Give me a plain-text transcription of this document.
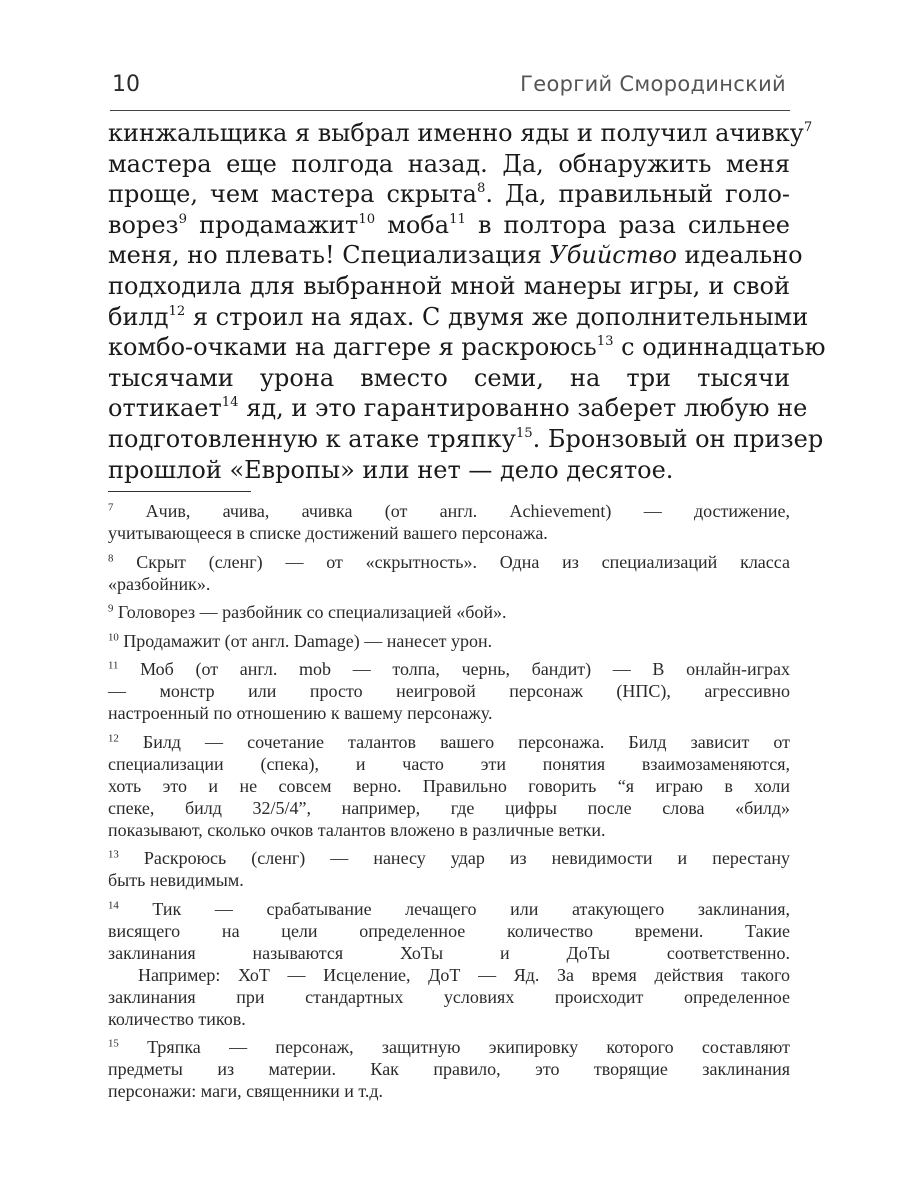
10	Георгий Смородинский
кинжальщика я выбрал именно яды и получил ачивку$^7$
мастера еще полгода назад. Да, обнаружить меня
проще, чем мастера скрыта$^8$. Да, правильный голо-
ворез$^9$ продамажит$^{10}$ моба$^{11}$ в полтора раза сильнее
меня, но плевать! Специализация Убийство идеально
подходила для выбранной мной манеры игры, и свой
билд$^{12}$ я строил на ядах. С двумя же дополнительными
комбо-очками на даггере я раскроюсь$^{13}$ с одиннадцатью
тысячами урона вместо семи, на три тысячи
оттикает$^{14}$ яд, и это гарантированно заберет любую не
подготовленную к атаке тряпку$^{15}$. Бронзовый он призер
прошлой «Европы» или нет — дело десятое.
$^7$ Ачив, ачива, ачивка (от англ. Achievement) — достижение,
учитывающееся в списке достижений вашего персонажа.
$^8$ Скрыт (сленг) — от «скрытность». Одна из специализаций класса
«разбойник».
$^9$ Головорез — разбойник со специализацией «бой».
$^{10}$ Продамажит (от англ. Damage) — нанесет урон.
$^{11}$ Моб (от англ. mob — толпа, чернь, бандит) — В онлайн-играх
— монстр или просто неигровой персонаж (НПС), агрессивно
настроенный по отношению к вашему персонажу.
$^{12}$ Билд — сочетание талантов вашего персонажа. Билд зависит от
специализации (спека), и часто эти понятия взаимозаменяются,
хоть это и не совсем верно. Правильно говорить “я играю в холи
спеке, билд 32/5/4”, например, где цифры после слова «билд»
показывают, сколько очков талантов вложено в различные ветки.
$^{13}$ Раскроюсь (сленг) — нанесу удар из невидимости и перестану
быть невидимым.
$^{14}$ Тик — срабатывание лечащего или атакующего заклинания,
висящего на цели определенное количество времени. Такие
заклинания называются ХоТы и ДоТы соответственно.
Например: ХоТ — Исцеление, ДоТ — Яд. За время действия такого
заклинания при стандартных условиях происходит определенное
количество тиков.
$^{15}$ Тряпка — персонаж, защитную экипировку которого составляют
предметы из материи. Как правило, это творящие заклинания
персонажи: маги, священники и т.д.
